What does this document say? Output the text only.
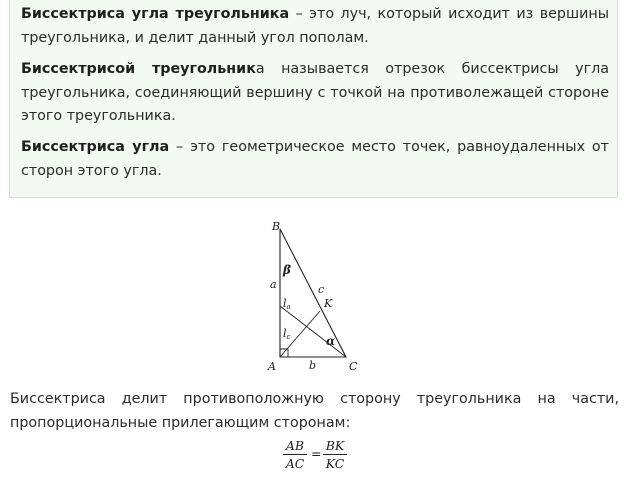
Биссектриса угла треугольника – это луч, который исходит из вершины треугольника, и делит данный угол пополам.

Биссектрисой треугольника называется отрезок биссектрисы угла треугольника, соединяющий вершину с точкой на противолежащей стороне этого треугольника.

Биссектриса угла – это геометрическое место точек, равноудаленных от сторон этого угла.

B
A	C
K
a
b
c
β
α
la
lc

Биссектриса делит противоположную сторону треугольника на части, пропорциональные прилегающим сторонам:

AB
AC
=
BK
KC
